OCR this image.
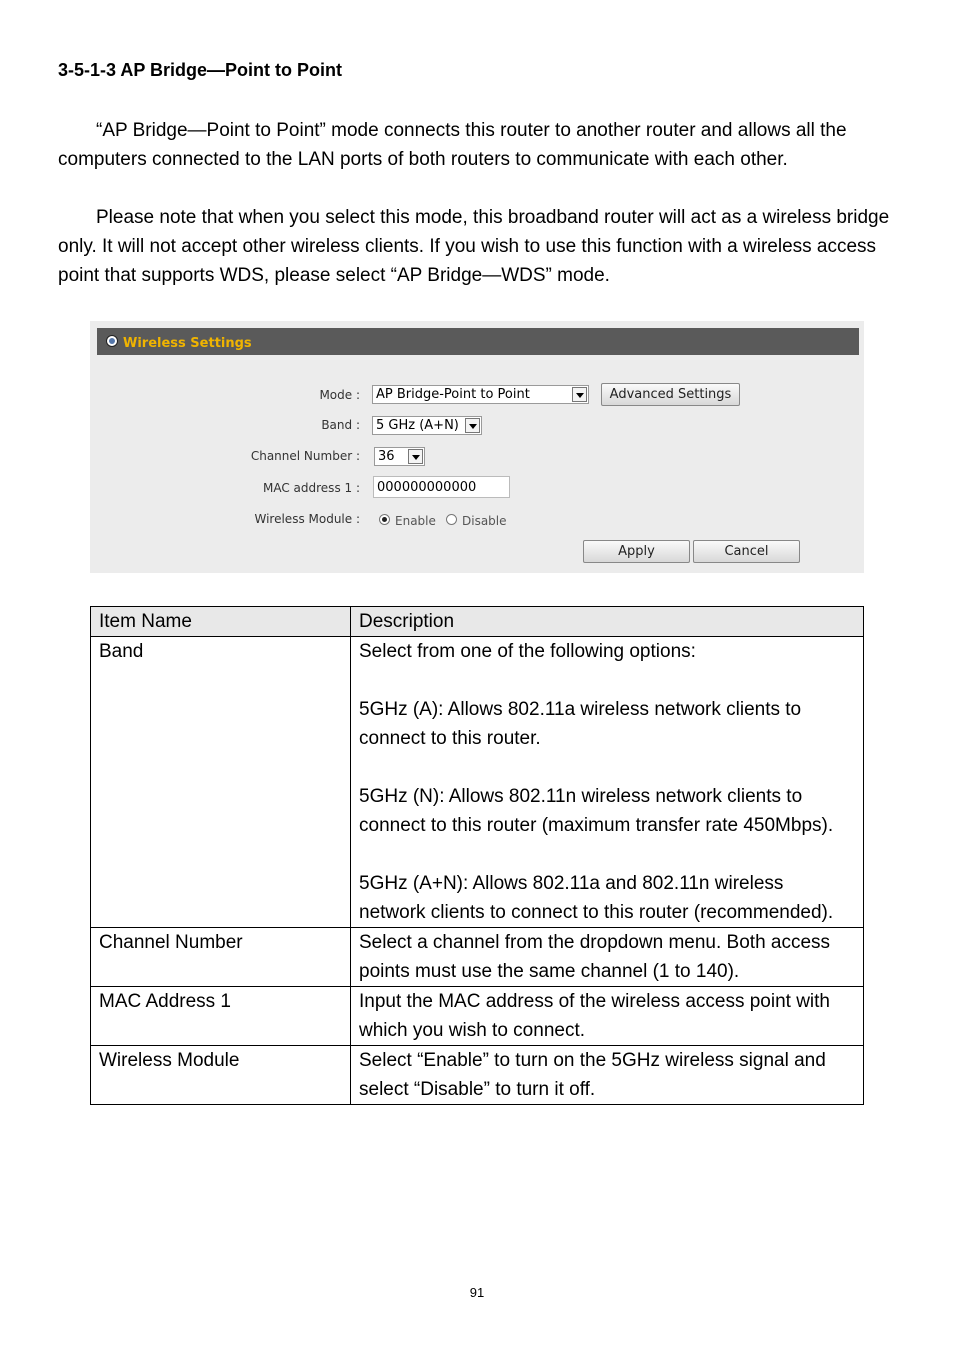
3-5-1-3 AP Bridge—Point to Point

“AP Bridge—Point to Point” mode connects this router to another router and allows all the computers connected to the LAN ports of both routers to communicate with each other.

Please note that when you select this mode, this broadband router will act as a wireless bridge only. It will not accept other wireless clients. If you wish to use this function with a wireless access point that supports WDS, please select “AP Bridge—WDS” mode.

Wireless Settings
Mode : AP Bridge-Point to Point	Advanced Settings
Band : 5 GHz (A+N)
Channel Number : 36
MAC address 1 :	000000000000
Wireless Module :	Enable Disable
Apply	Cancel
Item Name	Description
Band	Select from one of the following options:

5GHz (A): Allows 802.11a wireless network clients to connect to this router.

5GHz (N): Allows 802.11n wireless network clients to connect to this router (maximum transfer rate 450Mbps).

5GHz (A+N): Allows 802.11a and 802.11n wireless network clients to connect to this router (recommended).

Channel Number	Select a channel from the dropdown menu. Both access points must use the same channel (1 to 140).
MAC Address 1	Input the MAC address of the wireless access point with which you wish to connect.
Wireless Module	Select “Enable” to turn on the 5GHz wireless signal and select “Disable” to turn it off.
91
